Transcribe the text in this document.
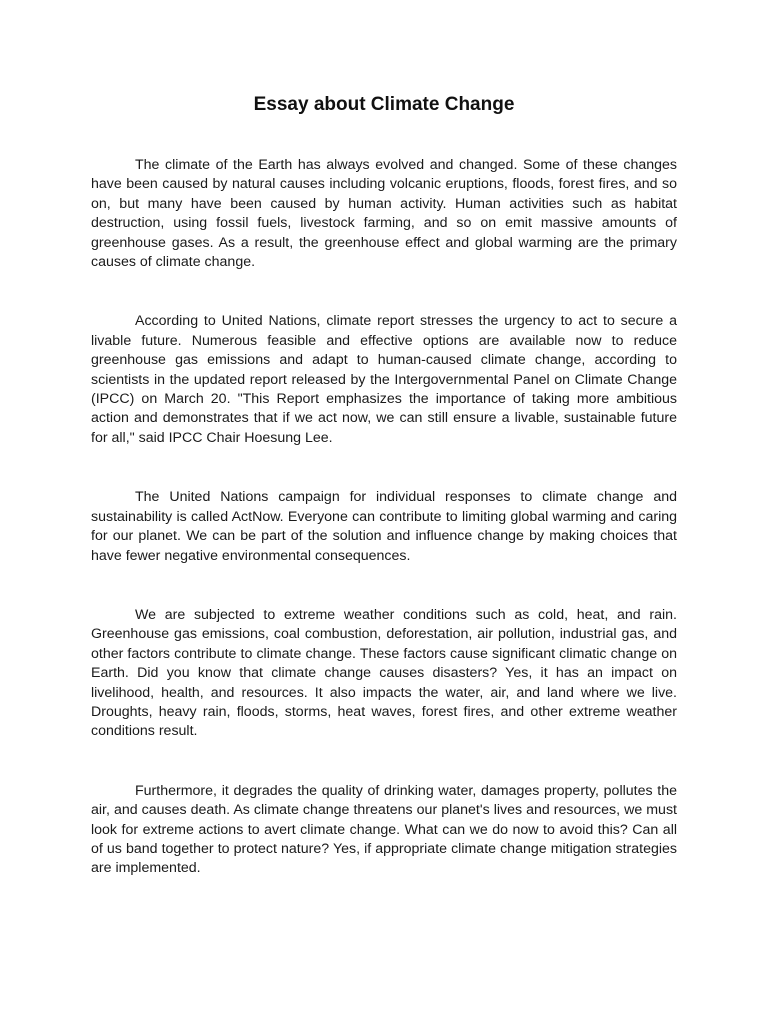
Essay about Climate Change

The climate of the Earth has always evolved and changed. Some of these changes have been caused by natural causes including volcanic eruptions, floods, forest fires, and so on, but many have been caused by human activity. Human activities such as habitat destruction, using fossil fuels, livestock farming, and so on emit massive amounts of greenhouse gases. As a result, the greenhouse effect and global warming are the primary causes of climate change.

According to United Nations, climate report stresses the urgency to act to secure a livable future. Numerous feasible and effective options are available now to reduce greenhouse gas emissions and adapt to human-caused climate change, according to scientists in the updated report released by the Intergovernmental Panel on Climate Change (IPCC) on March 20. "This Report emphasizes the importance of taking more ambitious action and demonstrates that if we act now, we can still ensure a livable, sustainable future for all," said IPCC Chair Hoesung Lee.

The United Nations campaign for individual responses to climate change and sustainability is called ActNow. Everyone can contribute to limiting global warming and caring for our planet. We can be part of the solution and influence change by making choices that have fewer negative environmental consequences.

We are subjected to extreme weather conditions such as cold, heat, and rain. Greenhouse gas emissions, coal combustion, deforestation, air pollution, industrial gas, and other factors contribute to climate change. These factors cause significant climatic change on Earth. Did you know that climate change causes disasters? Yes, it has an impact on livelihood, health, and resources. It also impacts the water, air, and land where we live. Droughts, heavy rain, floods, storms, heat waves, forest fires, and other extreme weather conditions result.

Furthermore, it degrades the quality of drinking water, damages property, pollutes the air, and causes death. As climate change threatens our planet's lives and resources, we must look for extreme actions to avert climate change. What can we do now to avoid this? Can all of us band together to protect nature? Yes, if appropriate climate change mitigation strategies are implemented.
